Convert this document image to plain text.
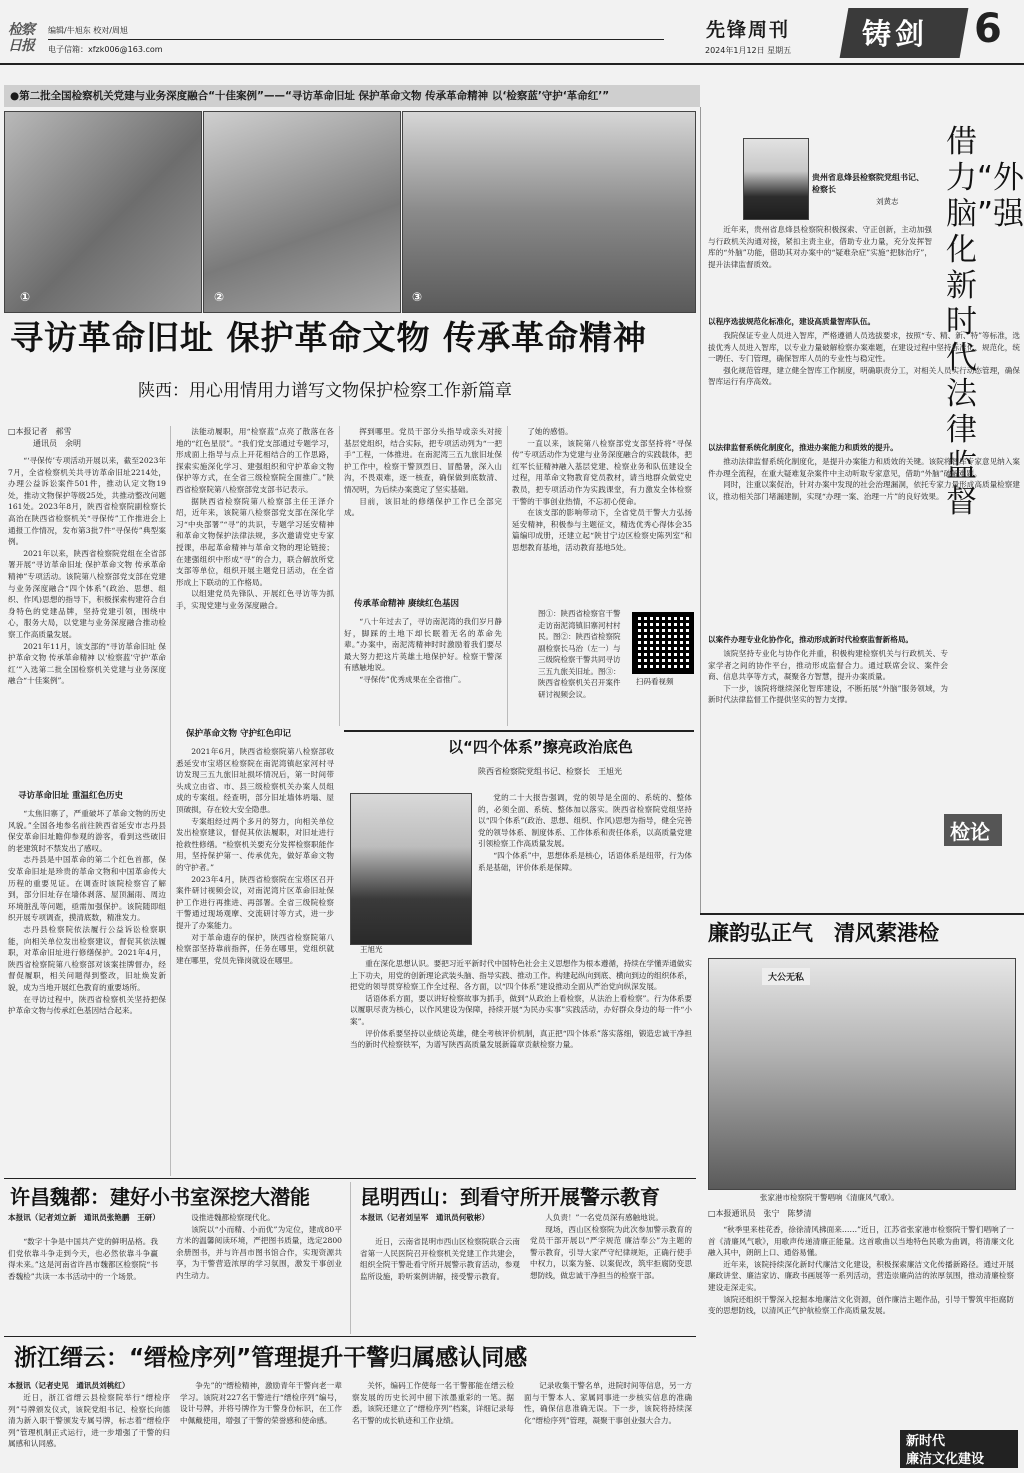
检察日报
编辑/牛旭东 校对/周旭
电子信箱：xfzk006@163.com
先锋周刊
2024年1月12日 星期五 铸剑 6
●第二批全国检察机关党建与业务深度融合“十佳案例”——“寻访革命旧址 保护革命文物 传承革命精神 以‘检察蓝’守护‘革命红’”
①	②	③
寻访革命旧址 保护革命文物 传承革命精神
陕西：用心用情用力谱写文物保护检察工作新篇章
□本报记者　郝雪
通讯员　余明

“‘寻保传’专项活动开展以来，截至2023年7月，全省检察机关共寻访革命旧址2214处，办理公益诉讼案件501件，推动认定文物19处，推动文物保护等级25处，共推动整改问题161处。2023年8月，陕西省检察院副检察长高治在陕西省检察机关“寻保传”工作推进会上通报工作情况，发布第3批7件“寻保传”典型案例。

2021年以来，陕西省检察院党组在全省部署开展“寻访革命旧址 保护革命文物 传承革命精神”专项活动。该院第八检察部党支部在党建与业务深度融合“四个体系”(政治、思想、组织、作风)思想的指导下，积极探索构建符合自身特色的党建品牌，坚持党建引领，围绕中心，服务大局，以党建与业务深度融合推动检察工作高质量发展。

2021年11月，该支部的“寻访革命旧址 保护革命文物 传承革命精神 以‘检察蓝’守护‘革命红’”入选第二批全国检察机关党建与业务深度融合“十佳案例”。

寻访革命旧址 重温红色历史

“太焦旧寨了，严重破坏了革命文物的历史风貌。”全国各地参名前往陕西省延安市志丹县保安革命旧址瞻仰参观的游客，看到这些破旧的老建筑时不禁发出了感叹。

志丹县是中国革命的第二个红色首都，保安革命旧址是珍贵的革命文物和中国革命传大历程的重要见证。在调查时该院检察官了解到，部分旧址存在墙体剥落、屋顶漏雨、周边环境脏乱等问题，亟需加强保护。该院随即组织开展专项调查，摸清底数，精准发力。

志丹县检察院依法履行公益诉讼检察职能，向相关单位发出检察建议，督促其依法履职，对革命旧址进行修缮保护。2021年4月，陕西省检察院第八检察部对该案挂牌督办，经督促履职，相关问题得到整改，旧址焕发新貌，成为当地开展红色教育的重要场所。

在寻访过程中，陕西省检察机关坚持把保护革命文物与传承红色基因结合起来。

法能动履职，用“检察蓝”点亮了散落在各地的“红色星辰”。“我们党支部通过专题学习，形成面上指导与点上开花相结合的工作思路，探索实施深化学习、建强组织和守护革命文物保护等方式，在全省三级检察院全面推广。”陕西省检察院第八检察部党支部书记表示。

据陕西省检察院第八检察部主任王泽介绍，近年来，该院第八检察部党支部在深化学习“中央部署”“寻”的共识，专题学习延安精神和革命文物保护法律法规，多次邀请党史专家授课，串起革命精神与革命文物的理论链接；在建强组织中形成“寻”的合力，联合解放所党支部等单位，组织开展主题党日活动，在全省形成上下联动的工作格局。

以组建党员先锋队、开展红色寻访等为抓手，实现党建与业务深度融合。

保护革命文物 守护红色印记

2021年6月，陕西省检察院第八检察部收悉延安市宝塔区检察院在南泥湾镇赵家河村寻访发现三五九旅旧址损坏情况后，第一时间带头成立由省、市、县三级检察机关办案人员组成的专案组。经查明，部分旧址墙体坍塌、屋顶破损，存在较大安全隐患。

专案组经过两个多月的努力，向相关单位发出检察建议，督促其依法履职，对旧址进行抢救性修缮。“检察机关要充分发挥检察职能作用，坚持保护第一、传承优先，做好革命文物的守护者。”

2023年4月，陕西省检察院在宝塔区召开案件研讨视频会议，对南泥湾片区革命旧址保护工作进行再推进、再部署。全省三级院检察干警通过现场观摩、交流研讨等方式，进一步提升了办案能力。

对于革命遗存的保护，陕西省检察院第八检察部坚持靠前指挥，任务在哪里，党组织就建在哪里，党员先锋岗就设在哪里。

挥到哪里。党员干部分头指导或亲头对接基层党组织，结合实际，把专项活动列为“一把手”工程，一体推进。在南泥湾三五九旅旧址保护工作中，检察干警顶烈日、冒酷暑，深入山沟，不畏艰难，逐一核查，确保做到底数清、情况明，为后续办案奠定了坚实基础。

目前，该旧址的修缮保护工作已全部完成。

传承革命精神 赓续红色基因

“八十年过去了，寻访南泥湾的我们岁月静好，脚踩的土地下却长眠着无名的革命先辈。”办案中，南泥湾精神时时激励着我们要尽最大努力把这片英雄土地保护好。检察干警深有感触地说。

“寻保传”优秀成果在全省推广。

了她的感悟。

一直以来，该院第八检察部党支部坚持将“寻保传”专项活动作为党建与业务深度融合的实践载体，把红军长征精神融入基层党建、检察业务和队伍建设全过程，用革命文物教育党员教材，请当地群众做党史教员，把专项活动作为实践课堂，有力激发全体检察干警的干事创业热情，不忘初心使命。

在该支部的影响带动下，全省党员干警大力弘扬延安精神，积极参与主题征文，精选优秀心得体会35篇编印成册，还建立起“陕甘宁边区检察史陈列室”和思想教育基地，活动教育基地5处。

图①：陕西省检察官干警走访南泥湾镇旧寨河村村民。图②：陕西省检察院副检察长马治（左一）与三级院检察干警共同寻访三五九旅关旧址。图③：陕西省检察机关召开案件研讨视频会议。
扫码看视频
以“四个体系”擦亮政治底色
陕西省检察院党组书记、检察长　王旭光
王旭光

党的二十大报告强调，党的领导是全面的、系统的、整体的，必须全面、系统、整体加以落实。陕西省检察院党组坚持以“四个体系”(政治、思想、组织、作风)思想为指导，健全完善党的领导体系、制度体系、工作体系和责任体系，以高质量党建引领检察工作高质量发展。

“四个体系”中，思想体系是核心，话语体系是纽带，行为体系是基础，评价体系是保障。

重在深化思想认识。要把习近平新时代中国特色社会主义思想作为根本遵循，持续在学懂弄通做实上下功夫，用党的创新理论武装头脑、指导实践、推动工作。构建起纵向到底、横向到边的组织体系，把党的领导贯穿检察工作全过程、各方面，以“四个体系”建设推动全面从严治党向纵深发展。

话语体系方面，要以讲好检察故事为抓手，做到“从政治上看检察，从法治上看检察”。行为体系要以履职尽责为核心，以作风建设为保障，持续开展“为民办实事”实践活动，办好群众身边的每一件“小案”。

评价体系要坚持以业绩论英雄，健全考核评价机制，真正把“四个体系”落实落细，锻造忠诚干净担当的新时代检察铁军，为谱写陕西高质量发展新篇章贡献检察力量。

贵州省息烽县检察院党组书记、检察长
刘黄志
借力“外脑”强化新时代法律监督

近年来，贵州省息烽县检察院积极探索、守正创新，主动加强与行政机关沟通对接，紧扣主责主业，借助专业力量，充分发挥智库的“外脑”功能，借助其对办案中的“疑难杂症”实施“把脉治疗”，提升法律监督质效。

以程序选拔规范化标准化，建设高质量智库队伍。

我院保证专业人员进入智库，严格遵循人员选拔要求，按照“专、精、新、特”等标准，选拔优秀人员进入智库，以专业力量破解检察办案难题，在建设过程中坚持标准化、规范化，统一聘任、专门管理，确保智库人员的专业性与稳定性。

强化规范管理，建立健全智库工作制度，明确职责分工，对相关人员实行动态管理，确保智库运行有序高效。

以法律监督系统化制度化，推进办案能力和质效的提升。

推动法律监督系统化制度化，是提升办案能力和质效的关键。该院将智库专家意见纳入案件办理全流程，在重大疑难复杂案件中主动听取专家意见，借助“外脑”破解难题。

同时，注重以案促治，针对办案中发现的社会治理漏洞，依托专家力量形成高质量检察建议，推动相关部门堵漏建制，实现“办理一案、治理一片”的良好效果。

以案件办理专业化协作化，推动形成新时代检察监督新格局。

该院坚持专业化与协作化并重，积极构建检察机关与行政机关、专家学者之间的协作平台，推动形成监督合力。通过联席会议、案件会商、信息共享等方式，凝聚各方智慧，提升办案质量。

下一步，该院将继续深化智库建设，不断拓展“外脑”服务领域，为新时代法律监督工作提供坚实的智力支撑。

检论
廉韵弘正气　清风萦港检
大公无私
张家港市检察院干警唱响《清廉风气歌》。
□本报通讯员　张宁　陈梦清

“秋季里来桂花香，徐徐清风拂面来……”近日，江苏省张家港市检察院干警们唱响了一首《清廉风气歌》，用歌声传递清廉正能量。这首歌曲以当地特色民歌为曲调，将清廉文化融入其中，朗朗上口、通俗易懂。

近年来，该院持续深化新时代廉洁文化建设，积极探索廉洁文化传播新路径。通过开展廉政讲堂、廉洁家访、廉政书画展等一系列活动，营造崇廉尚洁的浓厚氛围，推动清廉检察建设走深走实。

该院还组织干警深入挖掘本地廉洁文化资源，创作廉洁主题作品，引导干警筑牢拒腐防变的思想防线，以清风正气护航检察工作高质量发展。

新时代
廉洁文化建设
许昌魏都：建好小书室深挖大潜能
本报讯（记者刘立新　通讯员张艳鹏　王研）

“数字十争是中国共产党的鲜明品格。我们党依靠斗争走到今天，也必然依靠斗争赢得未来。”这是河南省许昌市魏都区检察院“书香魏检”共读一本书活动中的一个场景。

设推进魏都检察现代化。

该院以“小而精、小而优”为定位，建成80平方米的温馨阅读环境，严把图书质量，选定2800余册图书，并与许昌市图书馆合作，实现资源共享，为干警营造浓厚的学习氛围，激发干事创业内生动力。

昆明西山：到看守所开展警示教育
本报讯（记者刘呈军　通讯员何敬彬）

近日，云南省昆明市西山区检察院联合云南省第一人民医院召开检察机关党建工作共建会，组织全院干警赴看守所开展警示教育活动，参观监所设施，聆听案例讲解，接受警示教育。

人负责！”一名党员深有感触地说。

现场，西山区检察院为此次参加警示教育的党员干部开展以“严字规范 廉洁奉公”为主题的警示教育，引导大家严守纪律规矩，正确行使手中权力，以案为鉴、以案促改，筑牢拒腐防变思想防线，做忠诚干净担当的检察干部。

浙江缙云：“缙检序列”管理提升干警归属感认同感
本报讯（记者史见　通讯员刘桃红）

近日，浙江省缙云县检察院举行“缙检序列”号牌颁发仪式，该院党组书记、检察长向德清为新入职干警颁发专属号牌，标志着“缙检序列”管理机制正式运行，进一步增强了干警的归属感和认同感。

争先”的“缙检精神，激励青年干警向老一辈学习。该院对227名干警进行“缙检序列”编号，设计号牌，并将号牌作为干警身份标识，在工作中佩戴使用，增强了干警的荣誉感和使命感。

关怀，编码工作使每一名干警都能在缙云检察发展的历史长河中留下浓墨重彩的一笔。据悉，该院还建立了“缙检序列”档案，详细记录每名干警的成长轨迹和工作业绩。

记录收集干警名单，进院时间等信息，另一方面与干警本人、家属同事进一步核实信息的准确性，确保信息准确无误。下一步，该院将持续深化“缙检序列”管理，凝聚干事创业强大合力。
